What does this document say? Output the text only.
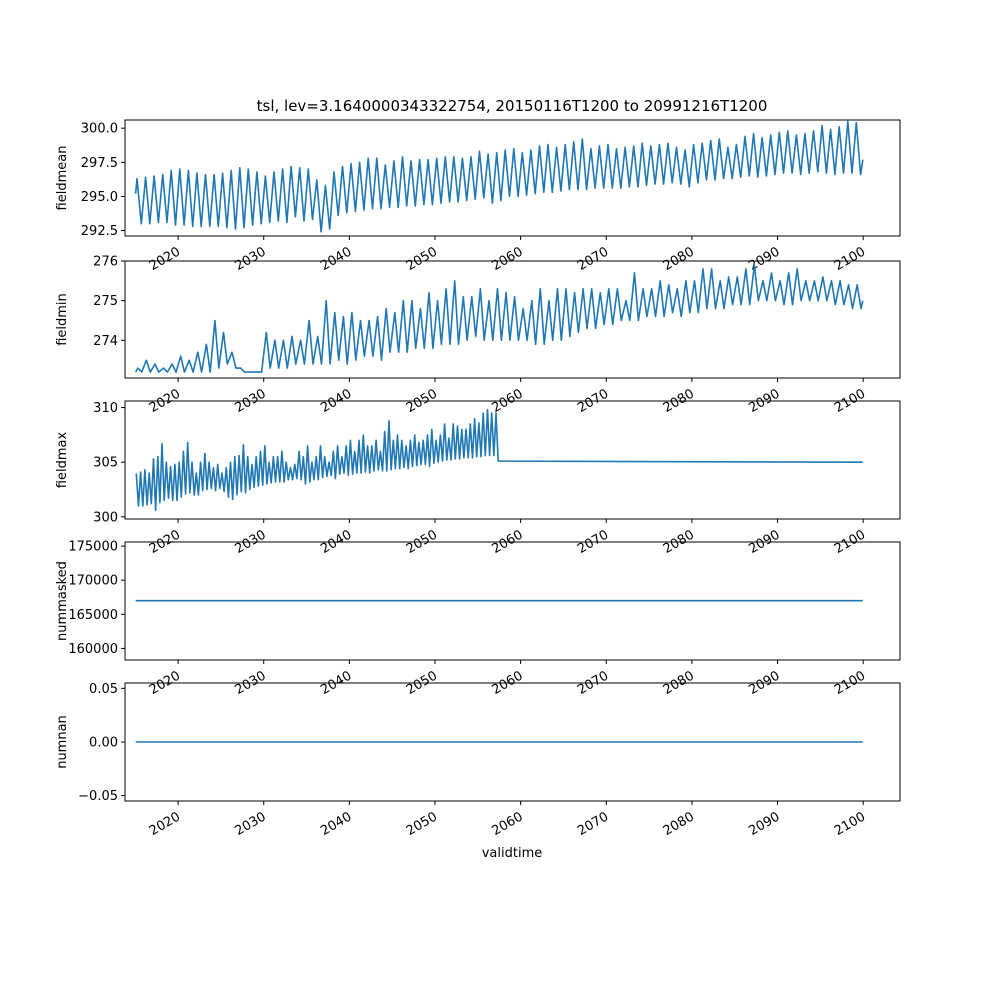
tsl, lev=3.1640000343322754, 20150116T1200 to 20991216T1200
292.5
295.0
297.5
300.0
fieldmean
2020	2030	2040	2050	2060	2070	2080	2090	2100
274
275
276
fieldmin
2020	2030	2040	2050	2060	2070	2080	2090	2100
300
305
310
fieldmax
2020	2030	2040	2050	2060	2070	2080	2090	2100
160000
165000
170000
175000
nummasked
2020	2030	2040	2050	2060	2070	2080	2090	2100
−0.05
0.00
0.05
numnan
2020	2030	2040	2050	2060	2070	2080	2090	2100
validtime
